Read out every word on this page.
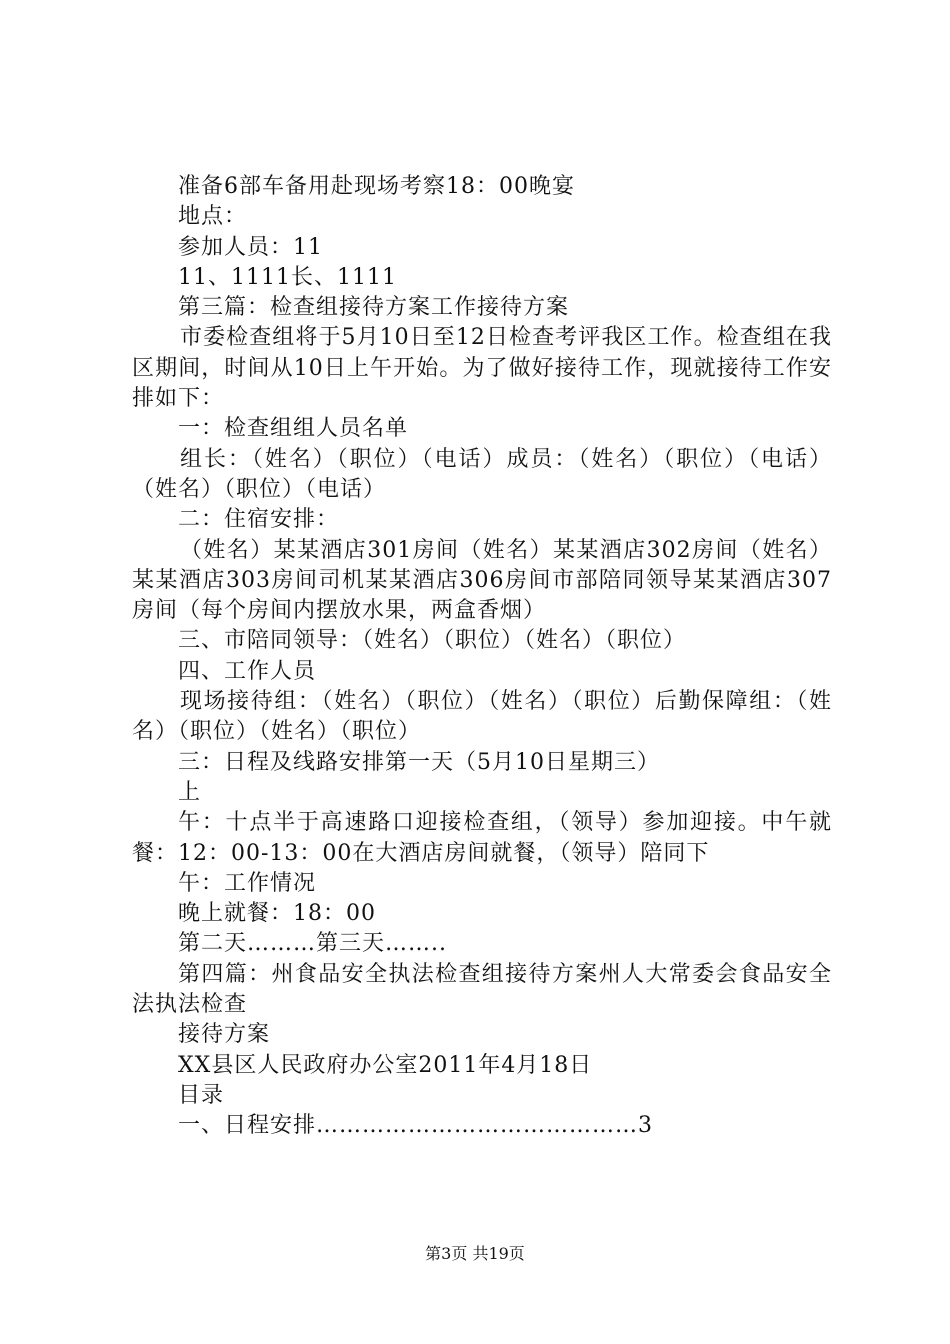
准备6部车备用赴现场考察18：00晚宴

地点：

参加人员：11

11、1111长、1111

第三篇：检查组接待方案工作接待方案

市委检查组将于5月10日至12日检查考评我区工作。检查组在我区期间，时间从10日上午开始。为了做好接待工作，现就接待工作安排如下：

一：检查组组人员名单

组长：（姓名）（职位）（电话）成员：（姓名）（职位）（电话）（姓名）（职位）（电话）

二：住宿安排：

（姓名）某某酒店301房间（姓名）某某酒店302房间（姓名）某某酒店303房间司机某某酒店306房间市部陪同领导某某酒店307房间（每个房间内摆放水果，两盒香烟）

三、市陪同领导：（姓名）（职位）（姓名）（职位）

四、工作人员

现场接待组：（姓名）（职位）（姓名）（职位）后勤保障组：（姓名）（职位）（姓名）（职位）

三：日程及线路安排第一天（5月10日星期三）

上

午：十点半于高速路口迎接检查组，（领导）参加迎接。中午就餐：12：00-13：00在大酒店房间就餐，（领导）陪同下

午：工作情况

晚上就餐：18：00

第二天………第三天……..

第四篇：州食品安全执法检查组接待方案州人大常委会食品安全法执法检查

接待方案

XX县区人民政府办公室2011年4月18日

目录

一、日程安排……………………………………3

第3页 共19页
